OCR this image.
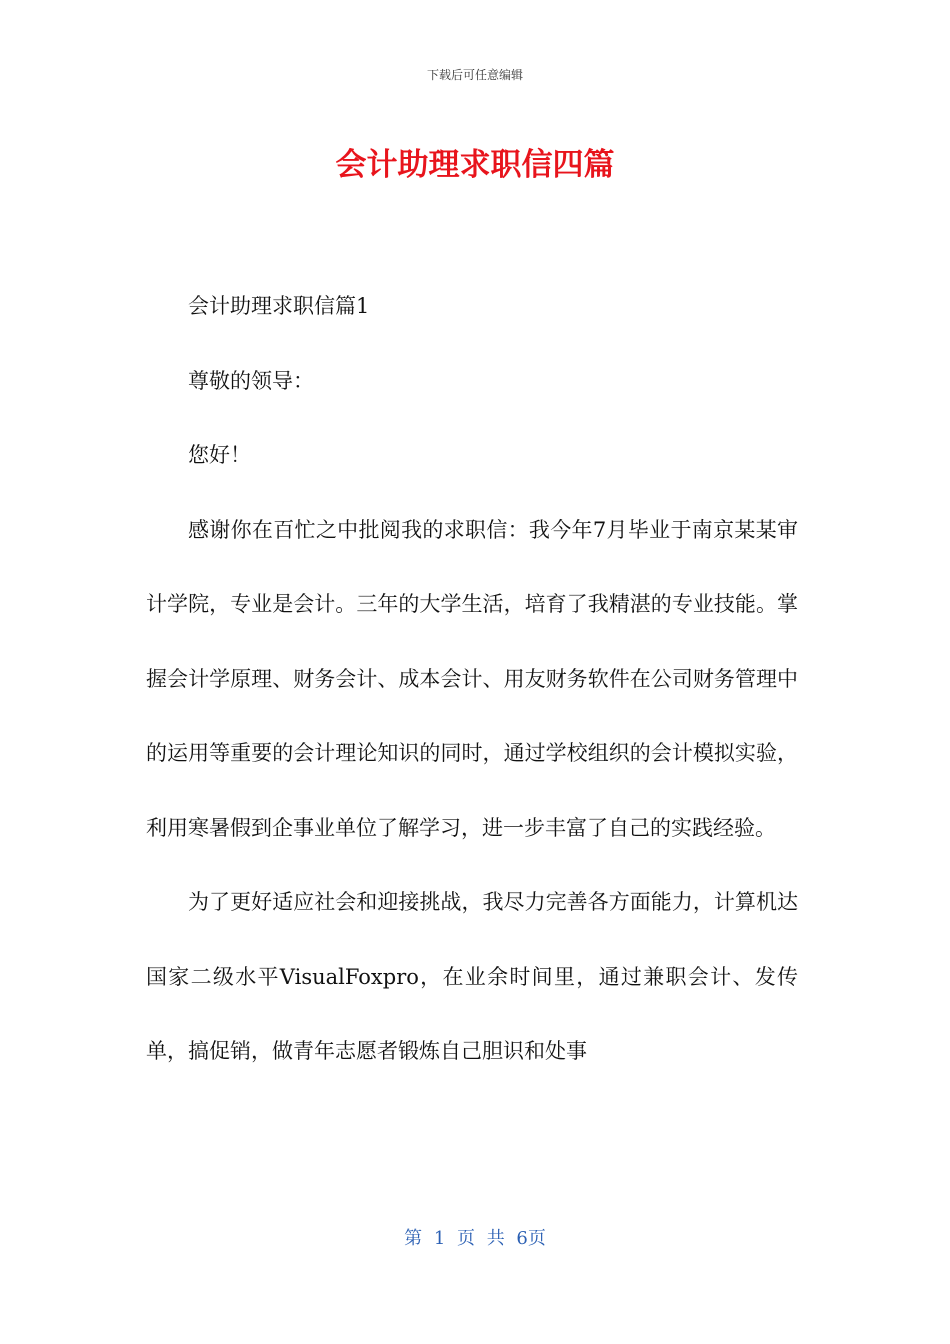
下载后可任意编辑
会计助理求职信四篇

会计助理求职信篇1

尊敬的领导：

您好！

感谢你在百忙之中批阅我的求职信：我今年7月毕业于南京某某审计学院，专业是会计。三年的大学生活，培育了我精湛的专业技能。掌握会计学原理、财务会计、成本会计、用友财务软件在公司财务管理中的运用等重要的会计理论知识的同时，通过学校组织的会计模拟实验，利用寒暑假到企事业单位了解学习，进一步丰富了自己的实践经验。

为了更好适应社会和迎接挑战，我尽力完善各方面能力，计算机达国家二级水平VisualFoxpro，在业余时间里，通过兼职会计、发传单，搞促销，做青年志愿者锻炼自己胆识和处事

第 1 页 共 6页
